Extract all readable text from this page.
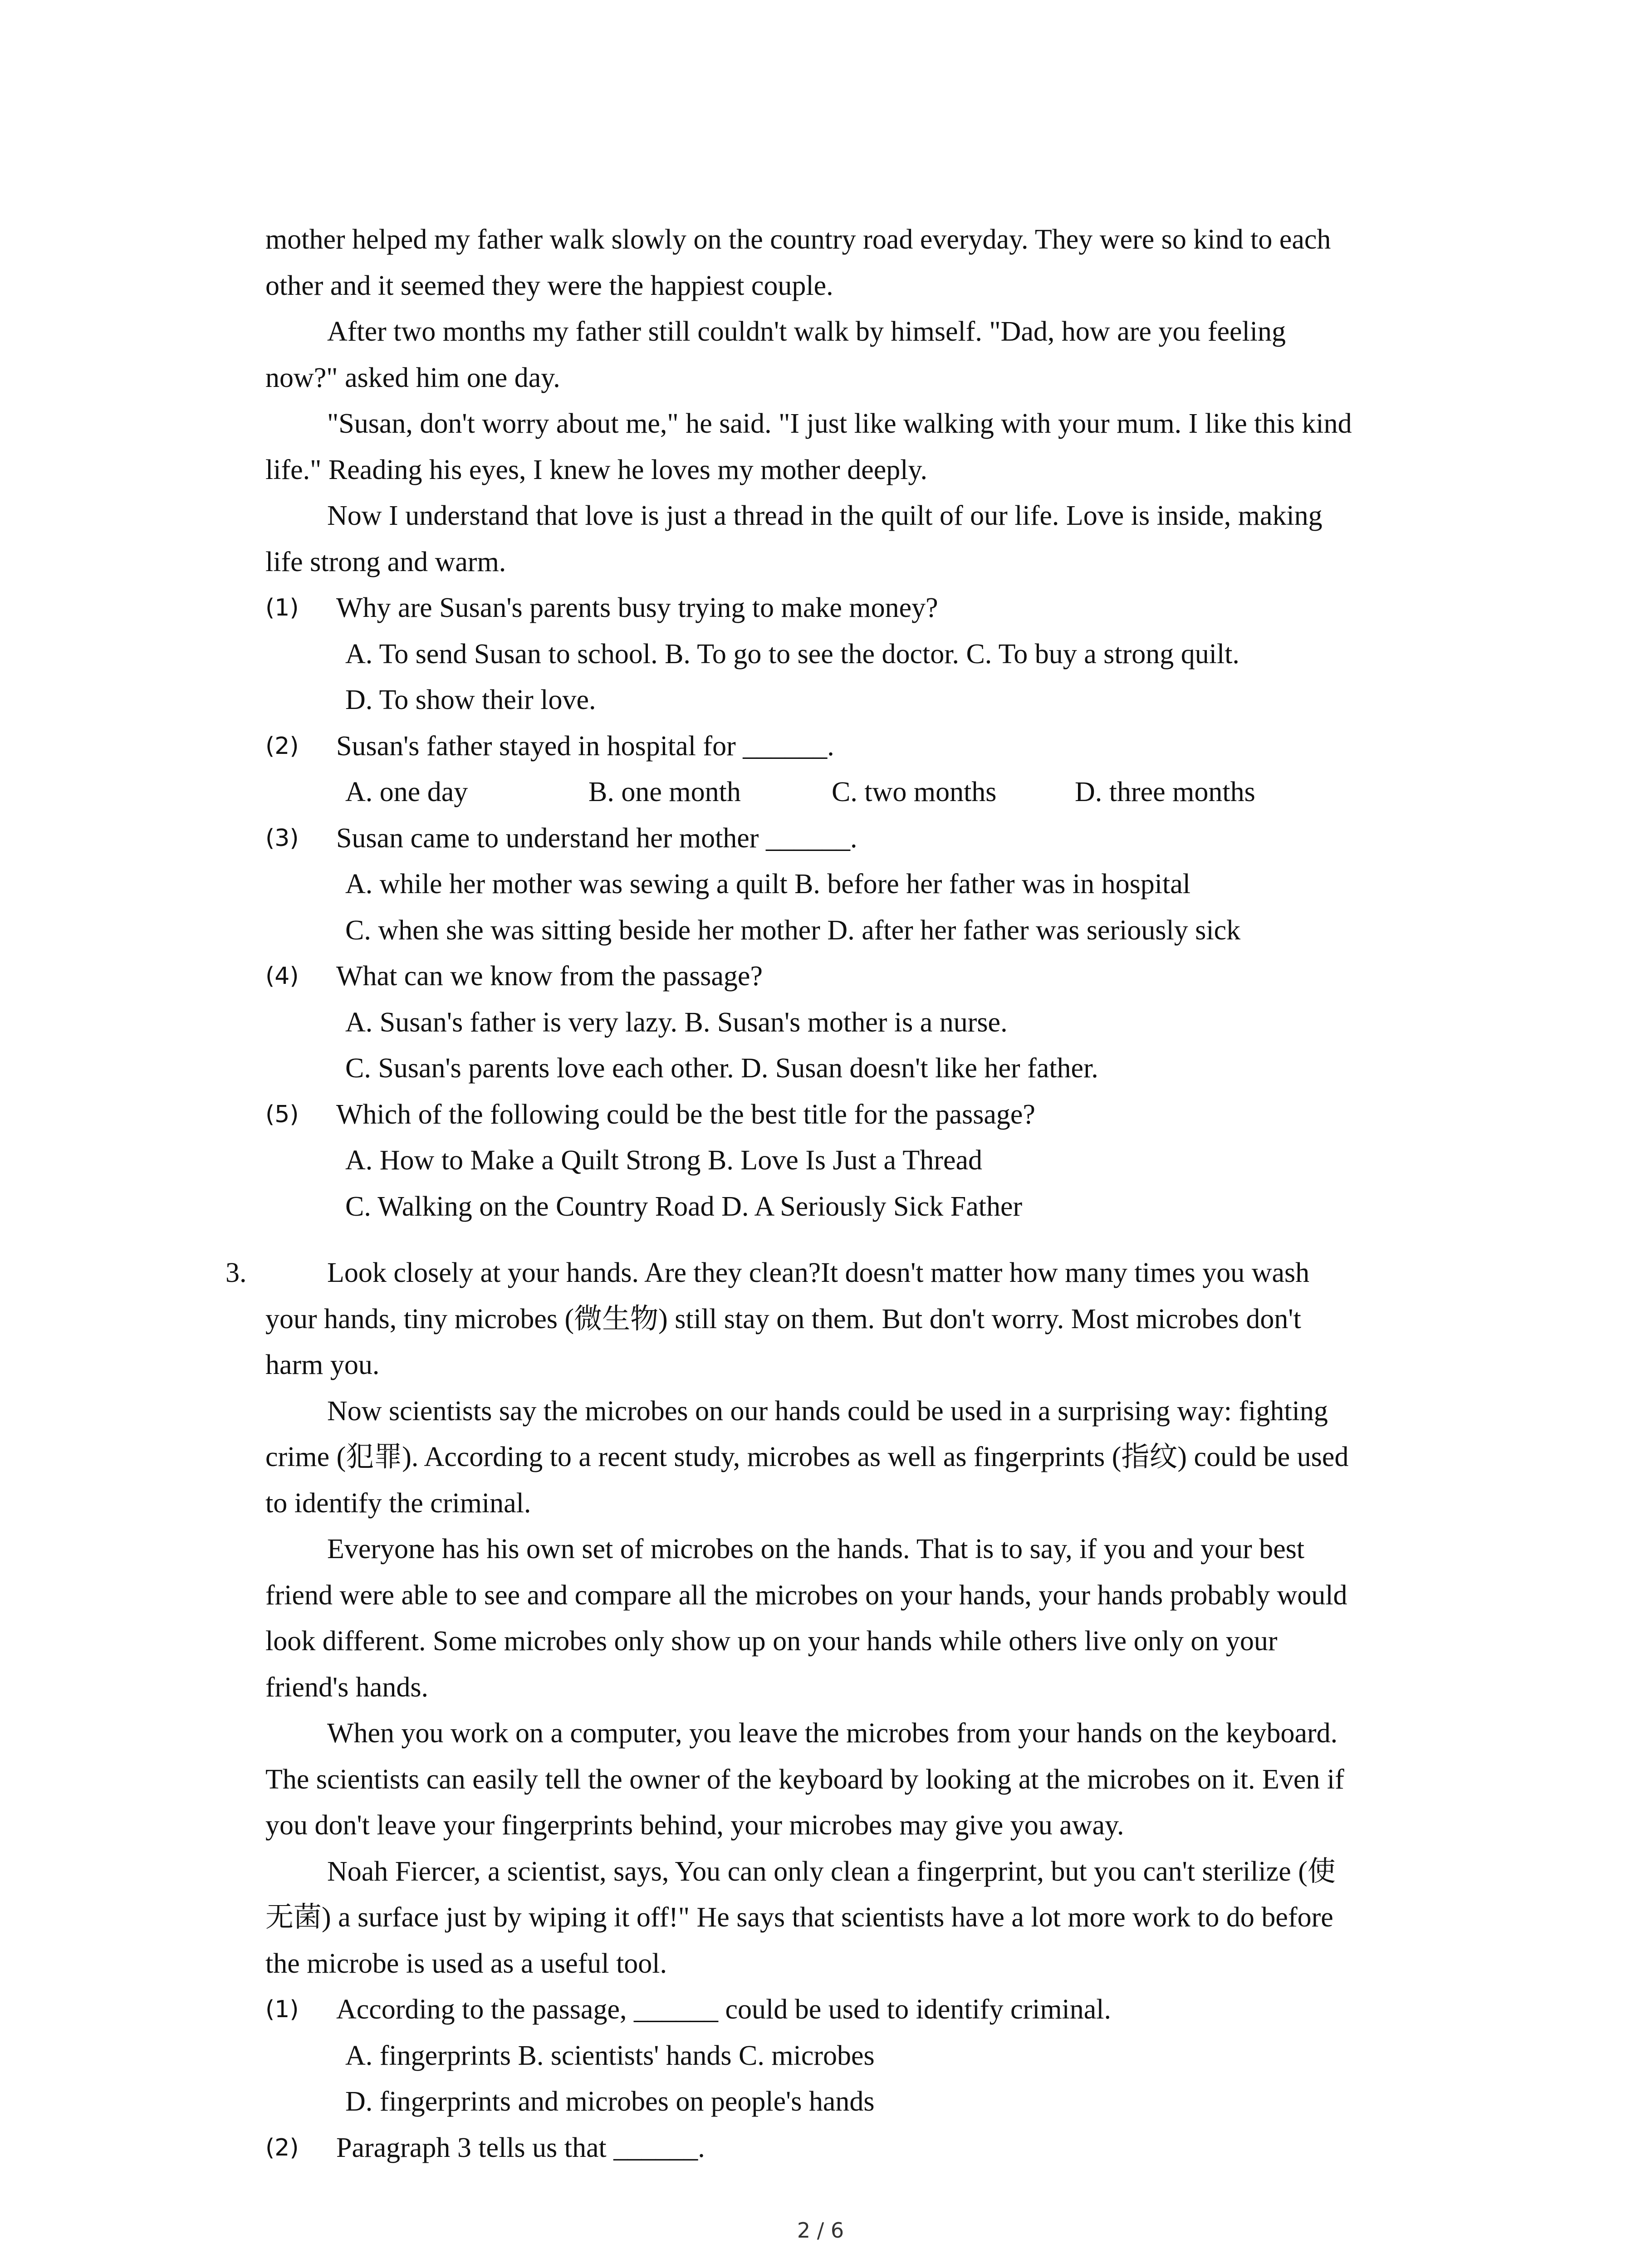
mother helped my father walk slowly on the country road everyday. They were so kind to each
other and it seemed they were the happiest couple.
After two months my father still couldn't walk by himself. "Dad, how are you feeling
now?" asked him one day.
"Susan, don't worry about me," he said. "I just like walking with your mum. I like this kind
life." Reading his eyes, I knew he loves my mother deeply.
Now I understand that love is just a thread in the quilt of our life. Love is inside, making
life strong and warm.
(1) Why are Susan's parents busy trying to make money?
A. To send Susan to school. B. To go to see the doctor. C. To buy a strong quilt.
D. To show their love.
(2) Susan's father stayed in hospital for ______.
A. one day	B. one month	C. two months	D. three months
(3) Susan came to understand her mother ______.
A. while her mother was sewing a quilt B. before her father was in hospital
C. when she was sitting beside her mother D. after her father was seriously sick
(4) What can we know from the passage?
A. Susan's father is very lazy. B. Susan's mother is a nurse.
C. Susan's parents love each other. D. Susan doesn't like her father.
(5) Which of the following could be the best title for the passage?
A. How to Make a Quilt Strong B. Love Is Just a Thread
C. Walking on the Country Road D. A Seriously Sick Father
3.	Look closely at your hands. Are they clean?It doesn't matter how many times you wash
your hands, tiny microbes (微生物) still stay on them. But don't worry. Most microbes don't
harm you.
Now scientists say the microbes on our hands could be used in a surprising way: fighting
crime (犯罪). According to a recent study, microbes as well as fingerprints (指纹) could be used
to identify the criminal.
Everyone has his own set of microbes on the hands. That is to say, if you and your best
friend were able to see and compare all the microbes on your hands, your hands probably would
look different. Some microbes only show up on your hands while others live only on your
friend's hands.
When you work on a computer, you leave the microbes from your hands on the keyboard.
The scientists can easily tell the owner of the keyboard by looking at the microbes on it. Even if
you don't leave your fingerprints behind, your microbes may give you away.
Noah Fiercer, a scientist, says, You can only clean a fingerprint, but you can't sterilize (使
无菌) a surface just by wiping it off!" He says that scientists have a lot more work to do before
the microbe is used as a useful tool.
(1) According to the passage, ______ could be used to identify criminal.
A. fingerprints B. scientists' hands C. microbes
D. fingerprints and microbes on people's hands
(2) Paragraph 3 tells us that ______.
2 / 6
